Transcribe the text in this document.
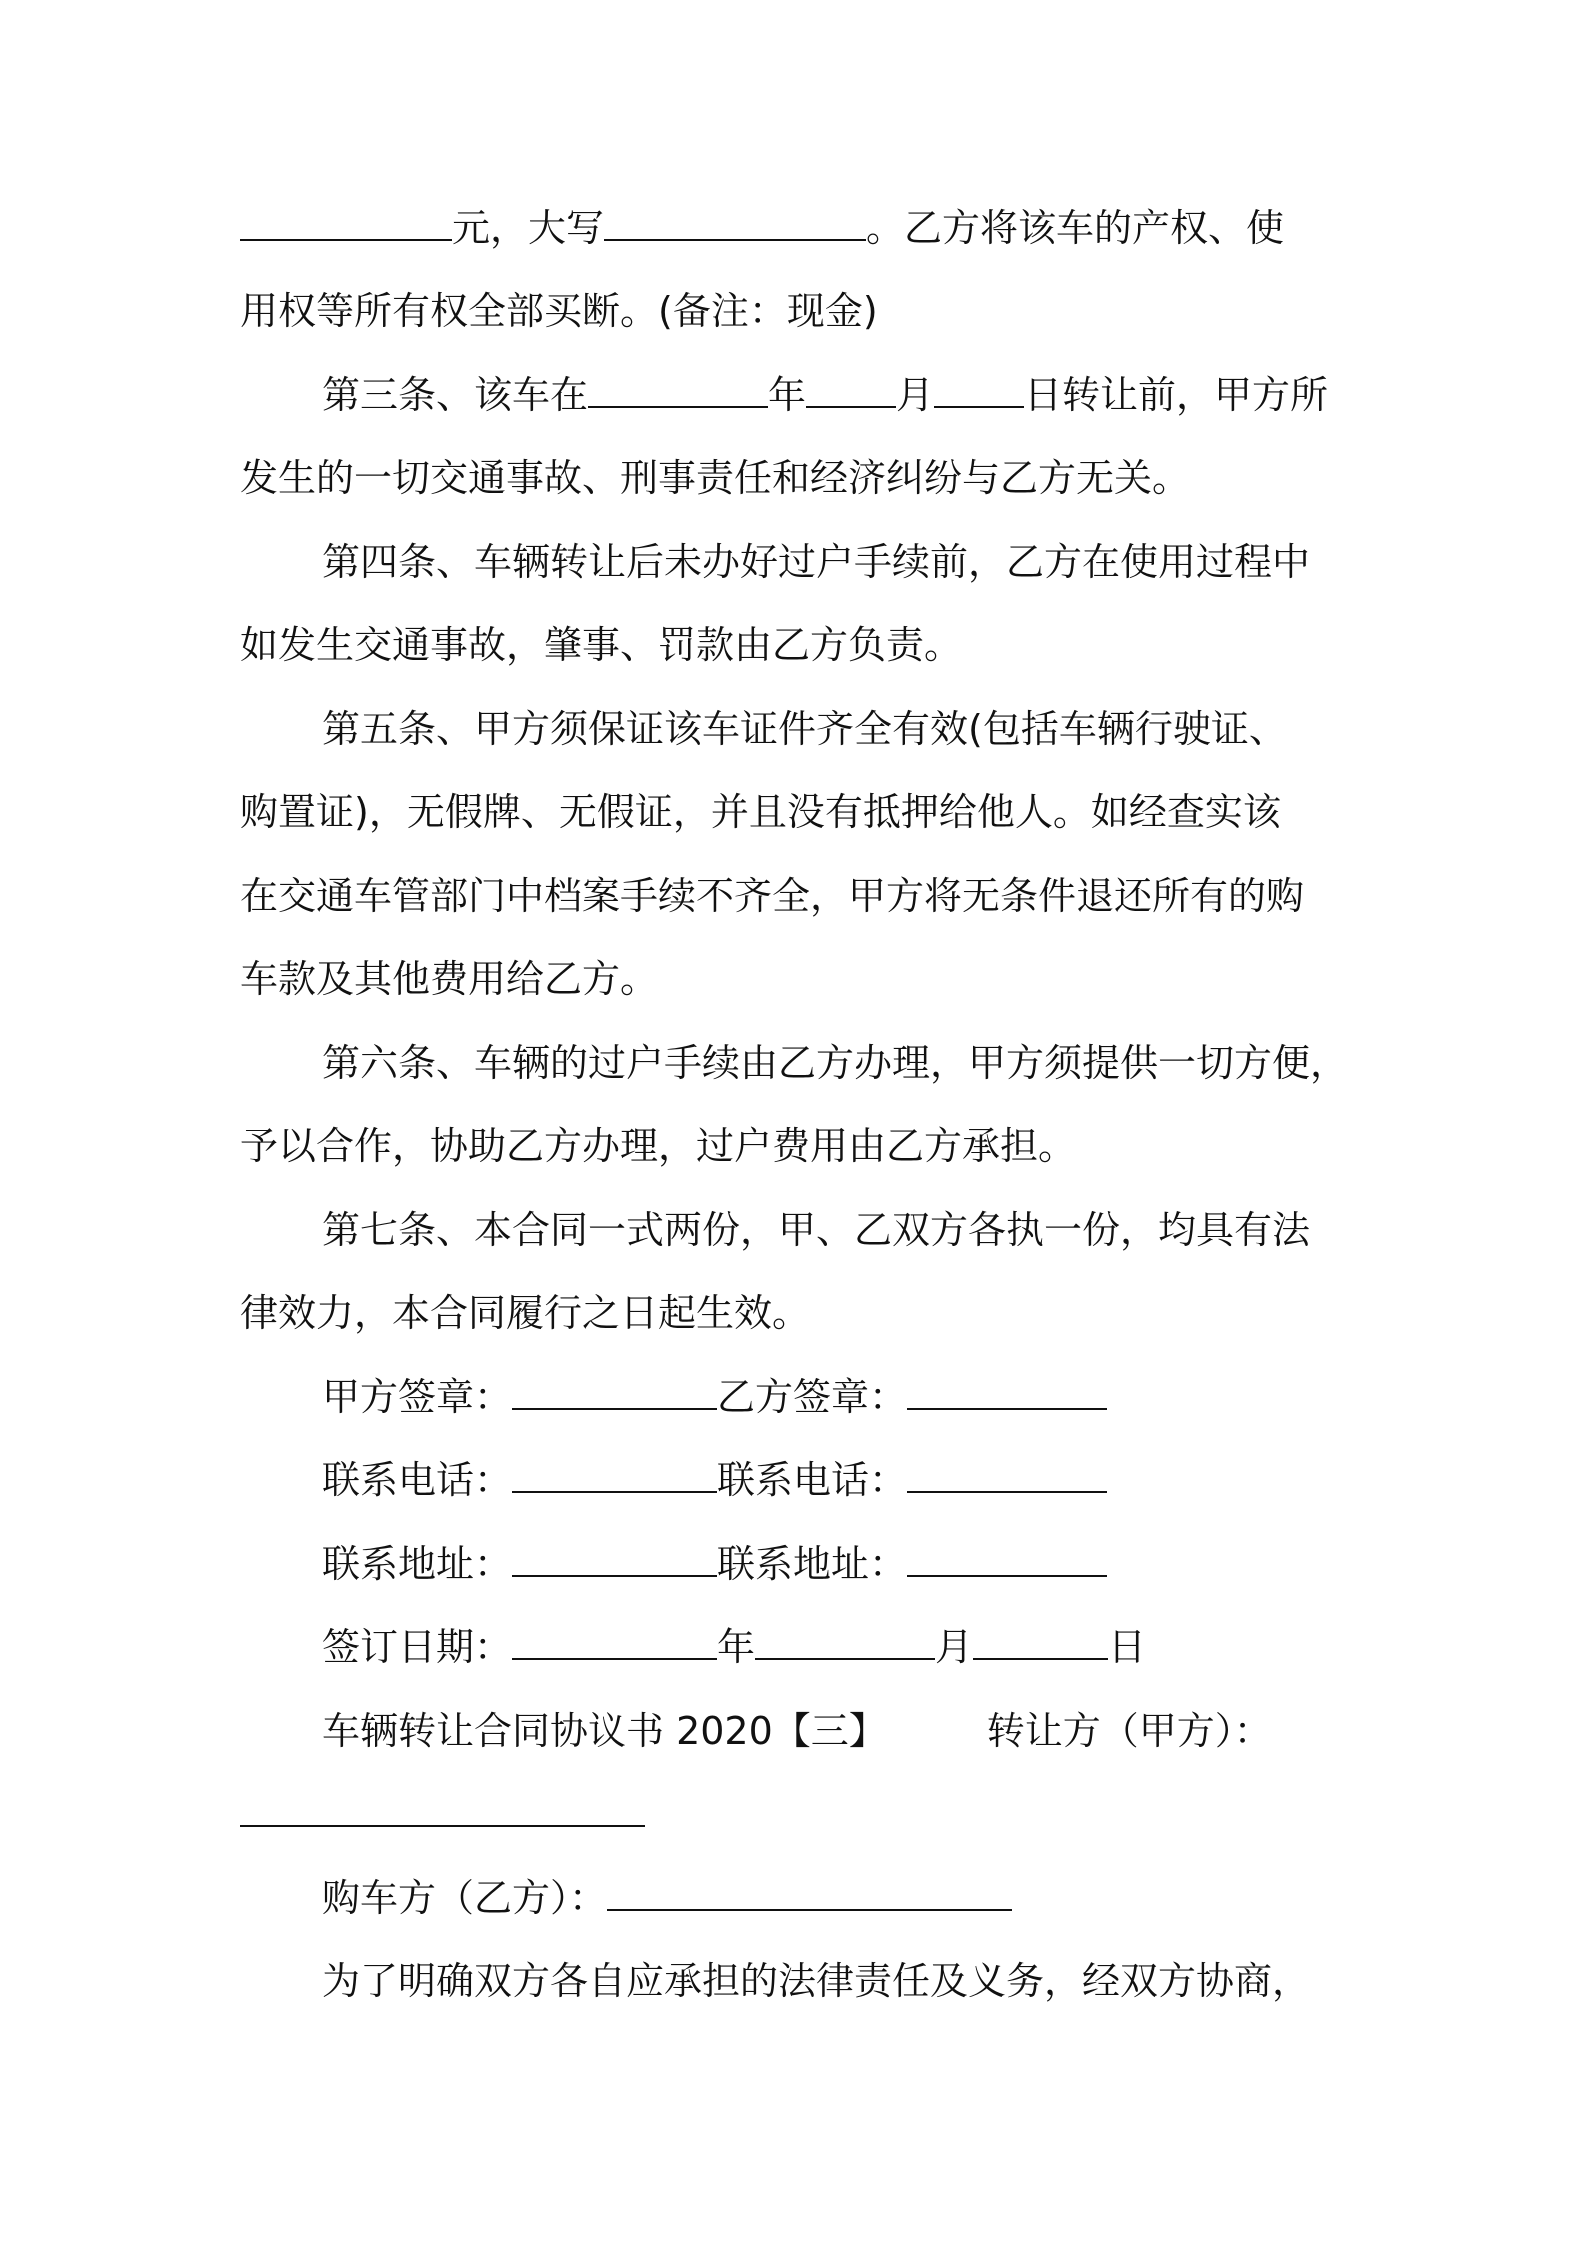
元，大写	。乙方将该车的产权、使
用权等所有权全部买断。(备注：现金)
第三条、该车在	年 月 日转让前，甲方所
发生的一切交通事故、刑事责任和经济纠纷与乙方无关。
第四条、车辆转让后未办好过户手续前，乙方在使用过程中
如发生交通事故，肇事、罚款由乙方负责。
第五条、甲方须保证该车证件齐全有效(包括车辆行驶证、
购置证)，无假牌、无假证，并且没有抵押给他人。如经查实该
在交通车管部门中档案手续不齐全，甲方将无条件退还所有的购
车款及其他费用给乙方。
第六条、车辆的过户手续由乙方办理，甲方须提供一切方便，
予以合作，协助乙方办理，过户费用由乙方承担。
第七条、本合同一式两份，甲、乙双方各执一份，均具有法
律效力，本合同履行之日起生效。
甲方签章：	乙方签章：
联系电话：	联系电话：
联系地址：	联系地址：
签订日期：	年	月	日
车辆转让合同协议书 2020【三】	转让方（甲方）：
购车方（乙方）：
为了明确双方各自应承担的法律责任及义务，经双方协商，
